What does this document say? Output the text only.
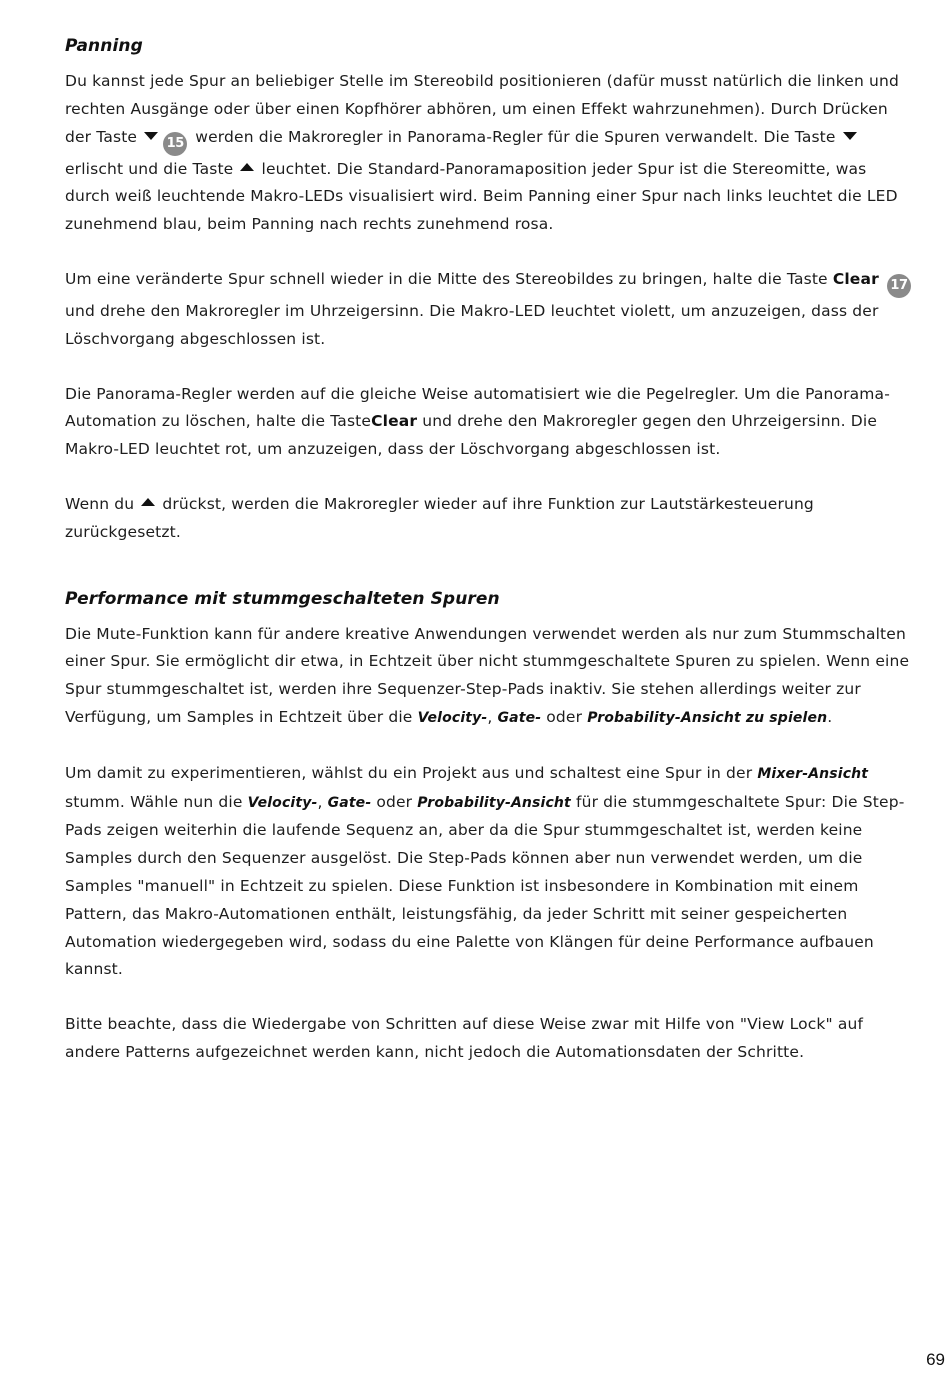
Panning

Du kannst jede Spur an beliebiger Stelle im Stereobild positionieren (dafür musst natürlich die linken und rechten Ausgänge oder über einen Kopfhörer abhören, um einen Effekt wahrzunehmen). Durch Drücken der Taste 15 werden die Makroregler in Panorama-Regler für die Spuren verwandelt. Die Taste  erlischt und die Taste  leuchtet. Die Standard-Panoramaposition jeder Spur ist die Stereomitte, was durch weiß leuchtende Makro-LEDs visualisiert wird. Beim Panning einer Spur nach links leuchtet die LED zunehmend blau, beim Panning nach rechts zunehmend rosa.

Um eine veränderte Spur schnell wieder in die Mitte des Stereobildes zu bringen, halte die Taste Clear 17 und drehe den Makroregler im Uhrzeigersinn. Die Makro-LED leuchtet violett, um anzuzeigen, dass der Löschvorgang abgeschlossen ist.

Die Panorama-Regler werden auf die gleiche Weise automatisiert wie die Pegelregler. Um die Panorama-Automation zu löschen, halte die TasteClear und drehe den Makroregler gegen den Uhrzeigersinn. Die Makro-LED leuchtet rot, um anzuzeigen, dass der Löschvorgang abgeschlossen ist.

Wenn du  drückst, werden die Makroregler wieder auf ihre Funktion zur Lautstärkesteuerung zurückgesetzt.

Performance mit stummgeschalteten Spuren

Die Mute-Funktion kann für andere kreative Anwendungen verwendet werden als nur zum Stummschalten einer Spur. Sie ermöglicht dir etwa, in Echtzeit über nicht stummgeschaltete Spuren zu spielen. Wenn eine Spur stummgeschaltet ist, werden ihre Sequenzer-Step-Pads inaktiv. Sie stehen allerdings weiter zur Verfügung, um Samples in Echtzeit über die Velocity-, Gate- oder Probability-Ansicht zu spielen.

Um damit zu experimentieren, wählst du ein Projekt aus und schaltest eine Spur in der Mixer-Ansicht stumm. Wähle nun die Velocity-, Gate- oder Probability-Ansicht für die stummgeschaltete Spur: Die Step-Pads zeigen weiterhin die laufende Sequenz an, aber da die Spur stummgeschaltet ist, werden keine Samples durch den Sequenzer ausgelöst. Die Step-Pads können aber nun verwendet werden, um die Samples "manuell" in Echtzeit zu spielen. Diese Funktion ist insbesondere in Kombination mit einem Pattern, das Makro-Automationen enthält, leistungsfähig, da jeder Schritt mit seiner gespeicherten Automation wiedergegeben wird, sodass du eine Palette von Klängen für deine Performance aufbauen kannst.

Bitte beachte, dass die Wiedergabe von Schritten auf diese Weise zwar mit Hilfe von "View Lock" auf andere Patterns aufgezeichnet werden kann, nicht jedoch die Automationsdaten der Schritte.

69
